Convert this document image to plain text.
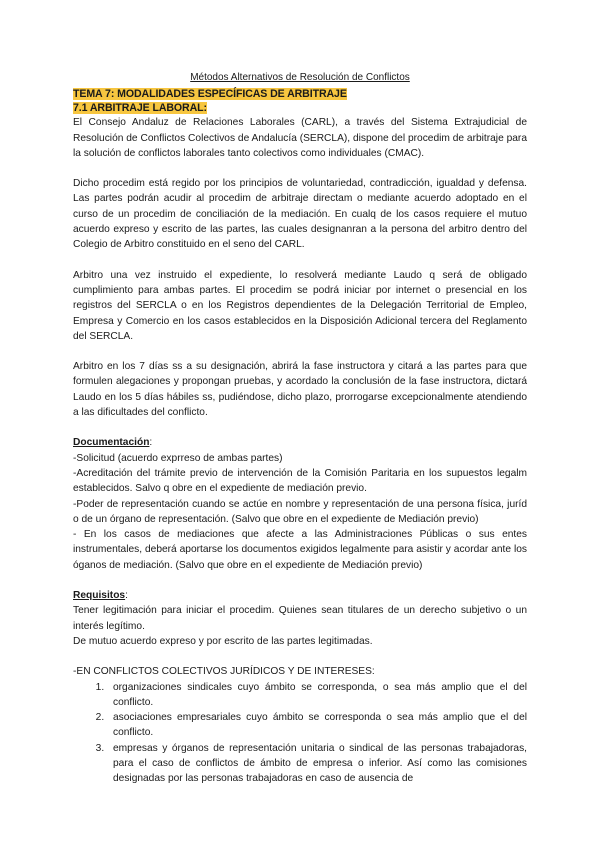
Métodos Alternativos de Resolución de Conflictos
TEMA 7: MODALIDADES ESPECÍFICAS DE ARBITRAJE
7.1 ARBITRAJE LABORAL:

El Consejo Andaluz de Relaciones Laborales (CARL), a través del Sistema Extrajudicial de Resolución de Conflictos Colectivos de Andalucía (SERCLA), dispone del procedim de arbitraje para la solución de conflictos laborales tanto colectivos como individuales (CMAC).

Dicho procedim está regido por los principios de voluntariedad, contradicción, igualdad y defensa. Las partes podrán acudir al procedim de arbitraje directam o mediante acuerdo adoptado en el curso de un procedim de conciliación de la mediación. En cualq de los casos requiere el mutuo acuerdo expreso y escrito de las partes, las cuales designanran a la persona del arbitro dentro del Colegio de Arbitro constituido en el seno del CARL.

Arbitro una vez instruido el expediente, lo resolverá mediante Laudo q será de obligado cumplimiento para ambas partes. El procedim se podrá iniciar por internet o presencial en los registros del SERCLA o en los Registros dependientes de la Delegación Territorial de Empleo, Empresa y Comercio en los casos establecidos en la Disposición Adicional tercera del Reglamento del SERCLA.

Arbitro en los 7 días ss a su designación, abrirá la fase instructora y citará a las partes para que formulen alegaciones y propongan pruebas, y acordado la conclusión de la fase instructora, dictará Laudo en los 5 días hábiles ss, pudiéndose, dicho plazo, prorrogarse excepcionalmente atendiendo a las dificultades del conflicto.

Documentación:

-Solicitud (acuerdo exprreso de ambas partes)

-Acreditación del trámite previo de intervención de la Comisión Paritaria en los supuestos legalm establecidos. Salvo q obre en el expediente de mediación previo.

-Poder de representación cuando se actúe en nombre y representación de una persona física, juríd o de un órgano de representación. (Salvo que obre en el expediente de Mediación previo)

- En los casos de mediaciones que afecte a las Administraciones Públicas o sus entes instrumentales, deberá aportarse los documentos exigidos legalmente para asistir y acordar ante los óganos de mediación. (Salvo que obre en el expediente de Mediación previo)

Requisitos:

Tener legitimación para iniciar el procedim. Quienes sean titulares de un derecho subjetivo o un interés legítimo.

De mutuo acuerdo expreso y por escrito de las partes legitimadas.

-EN CONFLICTOS COLECTIVOS JURÍDICOS Y DE INTERESES:

1. organizaciones sindicales cuyo ámbito se corresponda, o sea más amplio que el del conflicto.
2. asociaciones empresariales cuyo ámbito se corresponda o sea más amplio que el del conflicto.
3. empresas y órganos de representación unitaria o sindical de las personas trabajadoras, para el caso de conflictos de ámbito de empresa o inferior. Así como las comisiones designadas por las personas trabajadoras en caso de ausencia de
